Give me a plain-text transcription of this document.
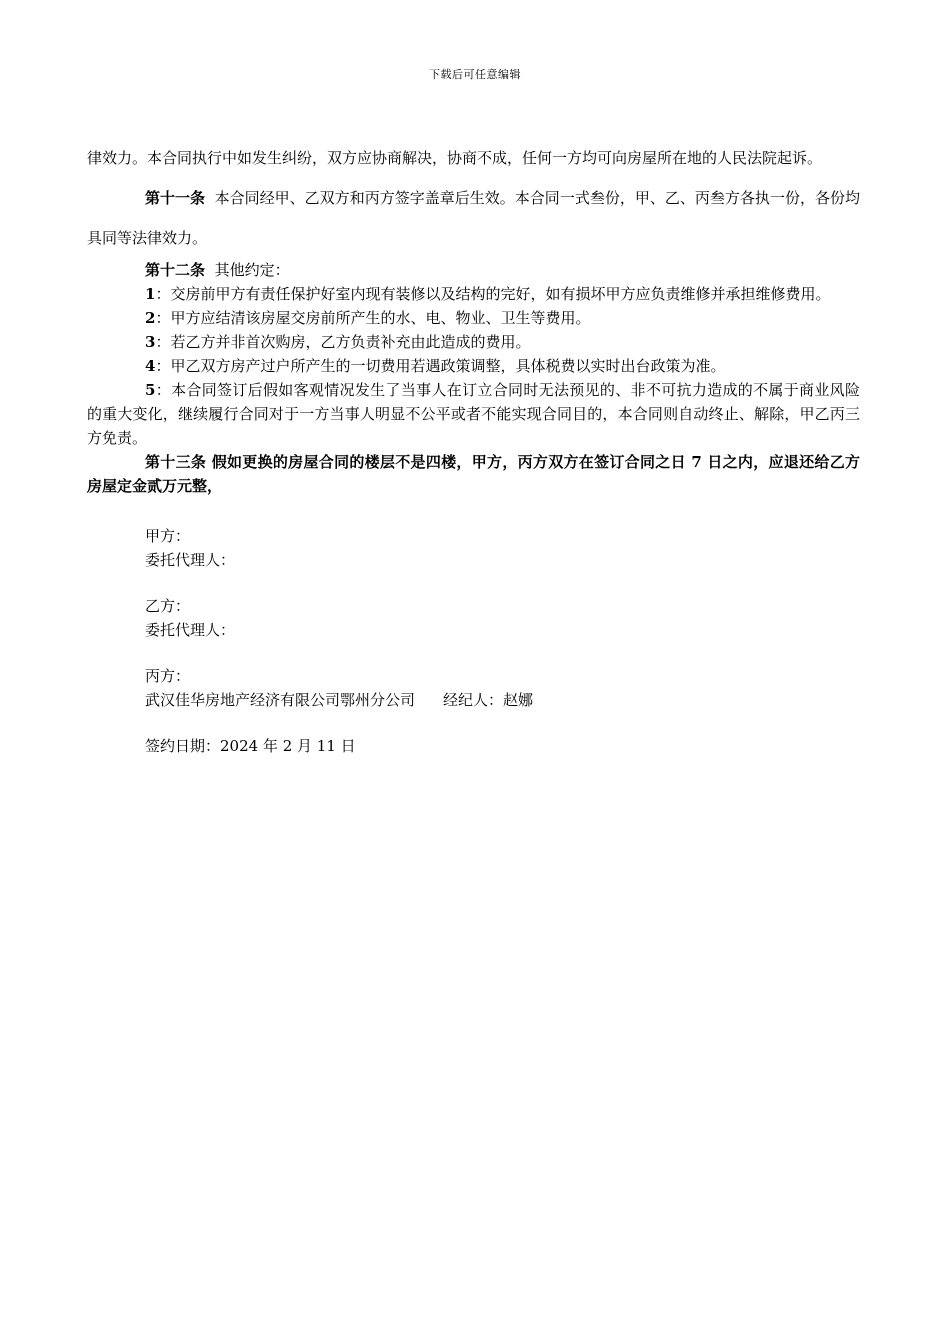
下载后可任意编辑

律效力。本合同执行中如发生纠纷，双方应协商解决，协商不成，任何一方均可向房屋所在地的人民法院起诉。

第十一条 本合同经甲、乙双方和丙方签字盖章后生效。本合同一式叁份，甲、乙、丙叁方各执一份，各份均具同等法律效力。

第十二条 其他约定：

1：交房前甲方有责任保护好室内现有装修以及结构的完好，如有损坏甲方应负责维修并承担维修费用。

2：甲方应结清该房屋交房前所产生的水、电、物业、卫生等费用。

3：若乙方并非首次购房，乙方负责补充由此造成的费用。

4：甲乙双方房产过户所产生的一切费用若遇政策调整，具体税费以实时出台政策为准。

5：本合同签订后假如客观情况发生了当事人在订立合同时无法预见的、非不可抗力造成的不属于商业风险的重大变化，继续履行合同对于一方当事人明显不公平或者不能实现合同目的，本合同则自动终止、解除，甲乙丙三方免责。

第十三条 假如更换的房屋合同的楼层不是四楼，甲方，丙方双方在签订合同之日 7 日之内，应退还给乙方房屋定金贰万元整，

甲方：
委托代理人：
乙方：
委托代理人：
丙方：
武汉佳华房地产经济有限公司鄂州分公司 经纪人：赵娜
签约日期：2024 年 2 月 11 日
